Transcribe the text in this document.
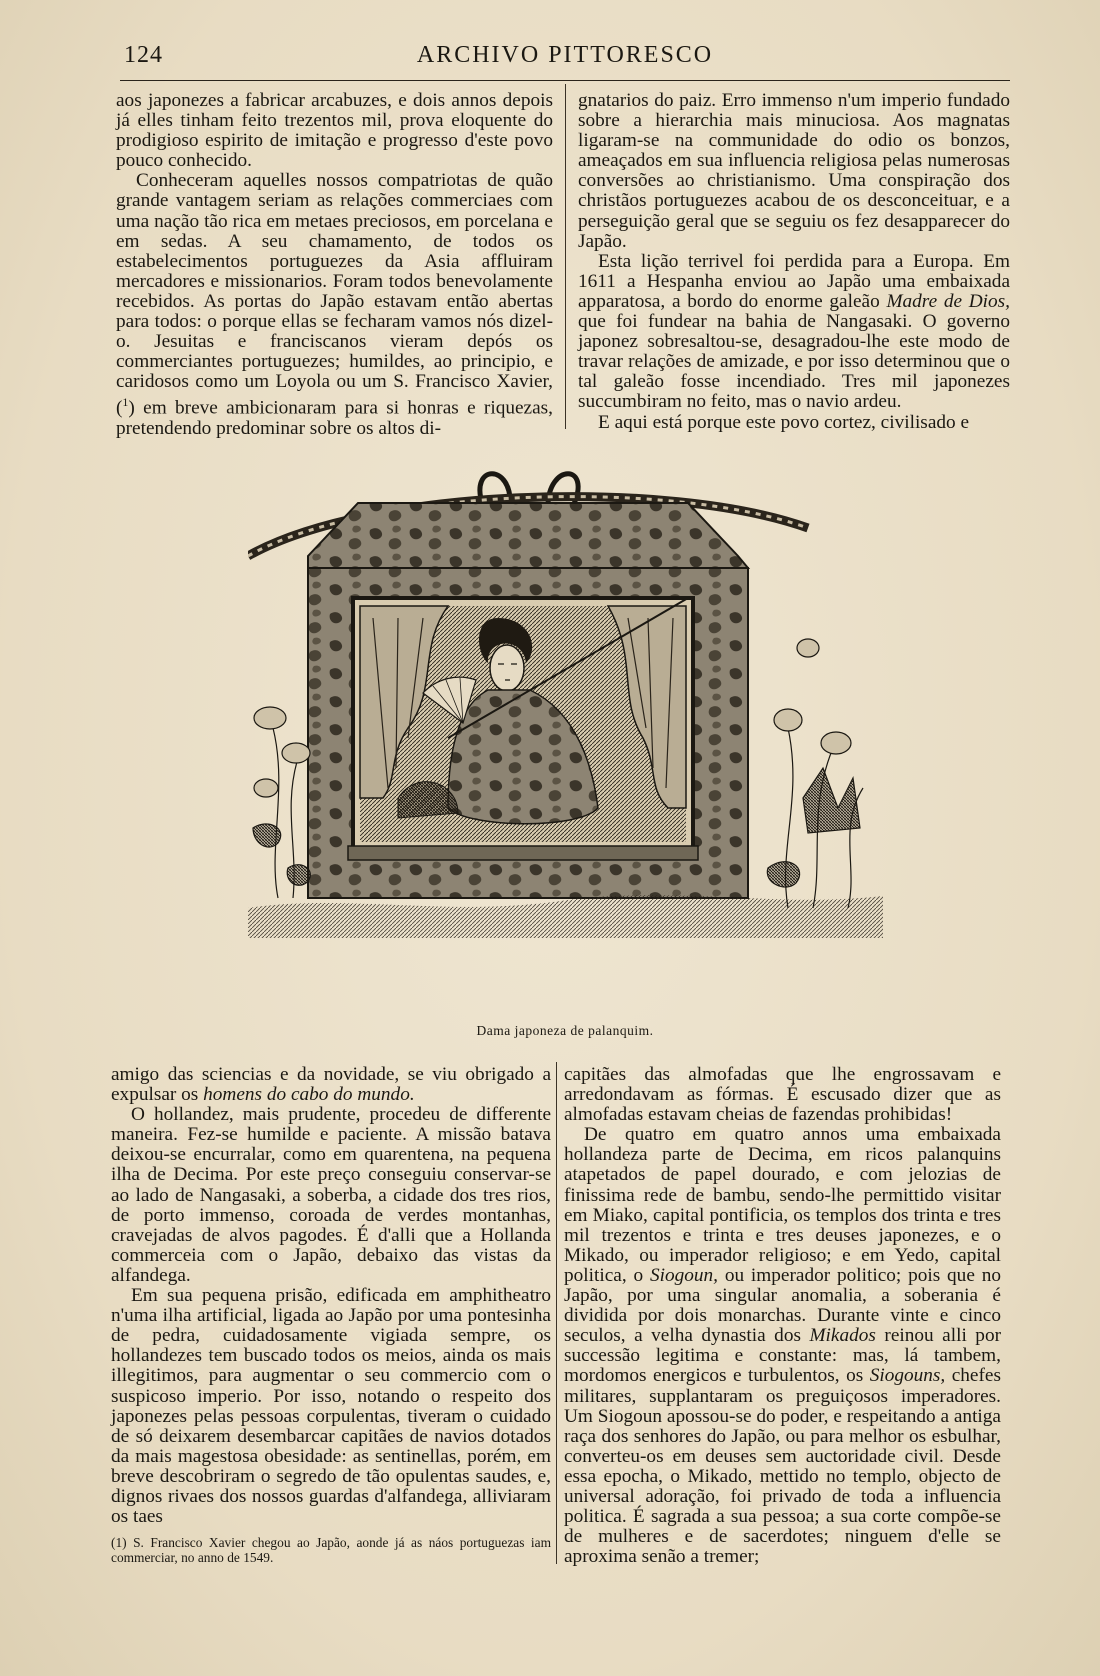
124	ARCHIVO PITTORESCO

aos japonezes a fabricar arcabuzes, e dois annos depois já elles tinham feito trezentos mil, prova eloquente do prodigioso espirito de imitação e progresso d'este povo pouco conhecido.

Conheceram aquelles nossos compatriotas de quão grande vantagem seriam as relações commerciaes com uma nação tão rica em metaes preciosos, em porcelana e em sedas. A seu chamamento, de todos os estabelecimentos portuguezes da Asia affluiram mercadores e missionarios. Foram todos benevolamente recebidos. As portas do Japão estavam então abertas para todos: o porque ellas se fecharam vamos nós dizel-o. Jesuitas e franciscanos vieram depós os commerciantes portuguezes; humildes, ao principio, e caridosos como um Loyola ou um S. Francisco Xavier, ($^1$) em breve ambicionaram para si honras e riquezas, pretendendo predominar sobre os altos di-

gnatarios do paiz. Erro immenso n'um imperio fundado sobre a hierarchia mais minuciosa. Aos magnatas ligaram-se na communidade do odio os bonzos, ameaçados em sua influencia religiosa pelas numerosas conversões ao christianismo. Uma conspiração dos christãos portuguezes acabou de os desconceituar, e a perseguição geral que se seguiu os fez desapparecer do Japão.

Esta lição terrivel foi perdida para a Europa. Em 1611 a Hespanha enviou ao Japão uma embaixada apparatosa, a bordo do enorme galeão Madre de Dios, que foi fundear na bahia de Nangasaki. O governo japonez sobresaltou-se, desagradou-lhe este modo de travar relações de amizade, e por isso determinou que o tal galeão fosse incendiado. Tres mil japonezes succumbiram no feito, mas o navio ardeu.

E aqui está porque este povo cortez, civilisado e

Dama japoneza de palanquim.

amigo das sciencias e da novidade, se viu obrigado a expulsar os homens do cabo do mundo.

O hollandez, mais prudente, procedeu de differente maneira. Fez-se humilde e paciente. A missão batava deixou-se encurralar, como em quarentena, na pequena ilha de Decima. Por este preço conseguiu conservar-se ao lado de Nangasaki, a soberba, a cidade dos tres rios, de porto immenso, coroada de verdes montanhas, cravejadas de alvos pagodes. É d'alli que a Hollanda commerceia com o Japão, debaixo das vistas da alfandega.

Em sua pequena prisão, edificada em amphitheatro n'uma ilha artificial, ligada ao Japão por uma pontesinha de pedra, cuidadosamente vigiada sempre, os hollandezes tem buscado todos os meios, ainda os mais illegitimos, para augmentar o seu commercio com o suspicoso imperio. Por isso, notando o respeito dos japonezes pelas pessoas corpulentas, tiveram o cuidado de só deixarem desembarcar capitães de navios dotados da mais magestosa obesidade: as sentinellas, porém, em breve descobriram o segredo de tão opulentas saudes, e, dignos rivaes dos nossos guardas d'alfandega, alliviaram os taes

(1) S. Francisco Xavier chegou ao Japão, aonde já as náos portuguezas iam commerciar, no anno de 1549.

capitães das almofadas que lhe engrossavam e arredondavam as fórmas. É escusado dizer que as almofadas estavam cheias de fazendas prohibidas!

De quatro em quatro annos uma embaixada hollandeza parte de Decima, em ricos palanquins atapetados de papel dourado, e com jelozias de finissima rede de bambu, sendo-lhe permittido visitar em Miako, capital pontificia, os templos dos trinta e tres mil trezentos e trinta e tres deuses japonezes, e o Mikado, ou imperador religioso; e em Yedo, capital politica, o Siogoun, ou imperador politico; pois que no Japão, por uma singular anomalia, a soberania é dividida por dois monarchas. Durante vinte e cinco seculos, a velha dynastia dos Mikados reinou alli por successão legitima e constante: mas, lá tambem, mordomos energicos e turbulentos, os Siogouns, chefes militares, supplantaram os preguiçosos imperadores. Um Siogoun apossou-se do poder, e respeitando a antiga raça dos senhores do Japão, ou para melhor os esbulhar, converteu-os em deuses sem auctoridade civil. Desde essa epocha, o Mikado, mettido no templo, objecto de universal adoração, foi privado de toda a influencia politica. É sagrada a sua pessoa; a sua corte compõe-se de mulheres e de sacerdotes; ninguem d'elle se aproxima senão a tremer;
